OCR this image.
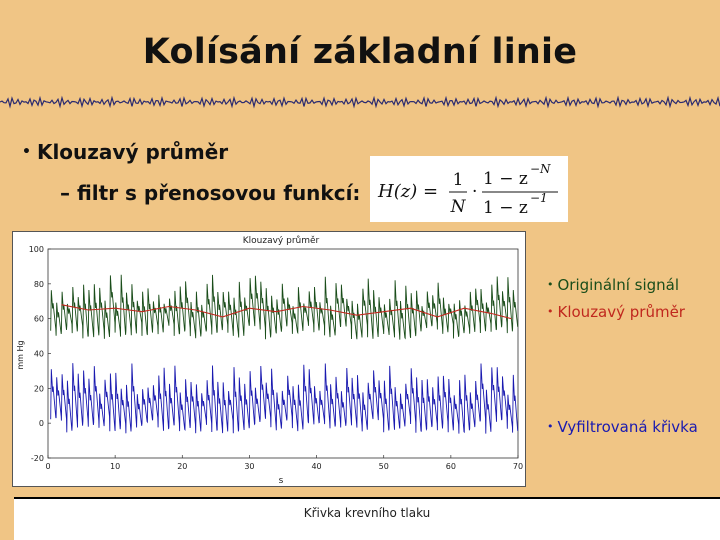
Kolísání základní linie
• Klouzavý průměr
– filtr s přenosovou funkcí: H(z) =
1
N
·
1 − z −N
1 − z −1
Klouzavý průměr
mm Hg
s
0	10	20	30	40	50	60	70
100
80
60
40
20
0
-20
Křivka krevního tlaku
• Originální signál
• Klouzavý průměr
• Vyfiltrovaná křivka
